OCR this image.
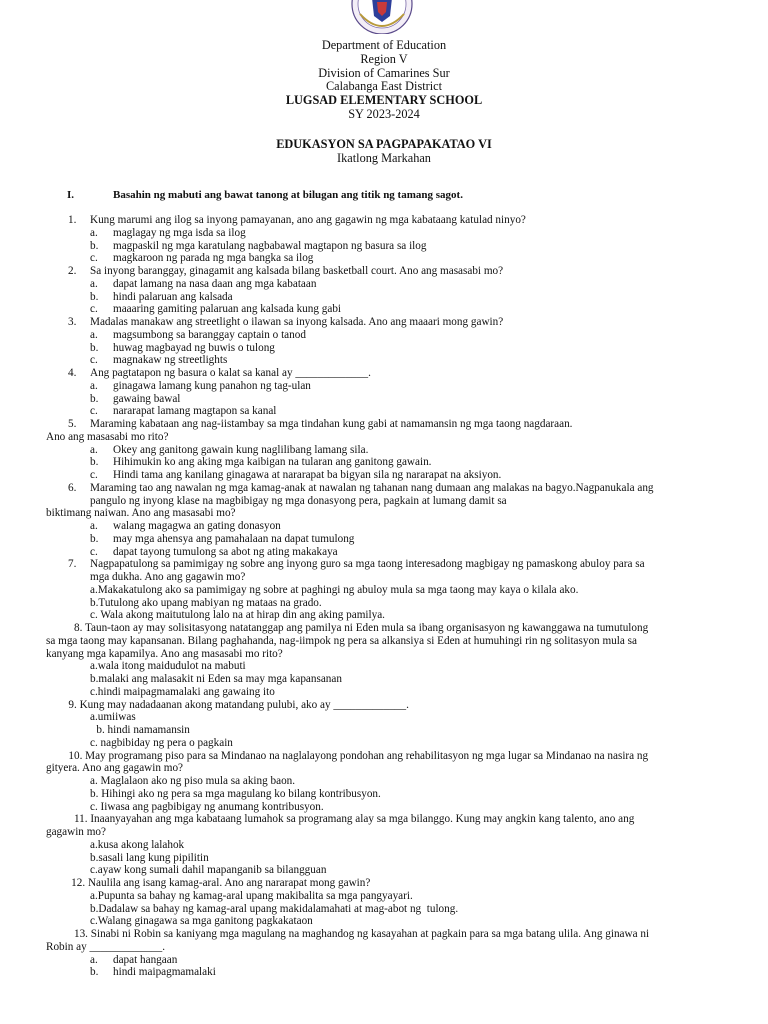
Department of Education
Region V
Division of Camarines Sur
Calabanga East District
LUGSAD ELEMENTARY SCHOOL
SY 2023-2024
EDUKASYON SA PAGPAPAKATAO VI
Ikatlong Markahan
I.	Basahin ng mabuti ang bawat tanong at bilugan ang titik ng tamang sagot.
1. Kung marumi ang ilog sa inyong pamayanan, ano ang gagawin ng mga kabataang katulad ninyo?
a. maglagay ng mga isda sa ilog
b. magpaskil ng mga karatulang nagbabawal magtapon ng basura sa ilog
c. magkaroon ng parada ng mga bangka sa ilog
2. Sa inyong baranggay, ginagamit ang kalsada bilang basketball court. Ano ang masasabi mo?
a. dapat lamang na nasa daan ang mga kabataan
b. hindi palaruan ang kalsada
c. maaaring gamiting palaruan ang kalsada kung gabi
3. Madalas manakaw ang streetlight o ilawan sa inyong kalsada. Ano ang maaari mong gawin?
a. magsumbong sa baranggay captain o tanod
b. huwag magbayad ng buwis o tulong
c. magnakaw ng streetlights
4. Ang pagtatapon ng basura o kalat sa kanal ay _____________.
a. ginagawa lamang kung panahon ng tag-ulan
b. gawaing bawal
c. nararapat lamang magtapon sa kanal
5. Maraming kabataan ang nag-iistambay sa mga tindahan kung gabi at namamansin ng mga taong nagdaraan.
Ano ang masasabi mo rito?
a. Okey ang ganitong gawain kung naglilibang lamang sila.
b. Hihimukin ko ang aking mga kaibigan na tularan ang ganitong gawain.
c. Hindi tama ang kanilang ginagawa at nararapat ba bigyan sila ng nararapat na aksiyon.
6. Maraming tao ang nawalan ng mga kamag-anak at nawalan ng tahanan nang dumaan ang malakas na bagyo.Nagpanukala ang
pangulo ng inyong klase na magbibigay ng mga donasyong pera, pagkain at lumang damit sa
biktimang naiwan. Ano ang masasabi mo?
a. walang magagwa an gating donasyon
b. may mga ahensya ang pamahalaan na dapat tumulong
c. dapat tayong tumulong sa abot ng ating makakaya
7. Nagpapatulong sa pamimigay ng sobre ang inyong guro sa mga taong interesadong magbigay ng pamaskong abuloy para sa
mga dukha. Ano ang gagawin mo?
a.Makakatulong ako sa pamimigay ng sobre at paghingi ng abuloy mula sa mga taong may kaya o kilala ako.
b.Tutulong ako upang mabiyan ng mataas na grado.
c. Wala akong maitutulong lalo na at hirap din ang aking pamilya.
8. Taun-taon ay may solisitasyong natatanggap ang pamilya ni Eden mula sa ibang organisasyon ng kawanggawa na tumutulong
sa mga taong may kapansanan. Bilang paghahanda, nag-iimpok ng pera sa alkansiya si Eden at humuhingi rin ng solitasyon mula sa
kanyang mga kapamilya. Ano ang masasabi mo rito?
a.wala itong maidudulot na mabuti
b.malaki ang malasakit ni Eden sa may mga kapansanan
c.hindi maipagmamalaki ang gawaing ito
9. Kung may nadadaanan akong matandang pulubi, ako ay _____________.
a.umiiwas
b. hindi namamansin
c. nagbibiday ng pera o pagkain
10. May programang piso para sa Mindanao na naglalayong pondohan ang rehabilitasyon ng mga lugar sa Mindanao na nasira ng
gityera. Ano ang gagawin mo?
a. Maglalaon ako ng piso mula sa aking baon.
b. Hihingi ako ng pera sa mga magulang ko bilang kontribusyon.
c. Iiwasa ang pagbibigay ng anumang kontribusyon.
11. Inaanyayahan ang mga kabataang lumahok sa programang alay sa mga bilanggo. Kung may angkin kang talento, ano ang
gagawin mo?
a.kusa akong lalahok
b.sasali lang kung pipilitin
c.ayaw kong sumali dahil mapanganib sa bilangguan
12. Naulila ang isang kamag-aral. Ano ang nararapat mong gawin?
a.Pupunta sa bahay ng kamag-aral upang makibalita sa mga pangyayari.
b.Dadalaw sa bahay ng kamag-aral upang makidalamahati at mag-abot ng  tulong.
c.Walang ginagawa sa mga ganitong pagkakataon
13. Sinabi ni Robin sa kaniyang mga magulang na maghandog ng kasayahan at pagkain para sa mga batang ulila. Ang ginawa ni
Robin ay _____________.
a. dapat hangaan
b. hindi maipagmamalaki
